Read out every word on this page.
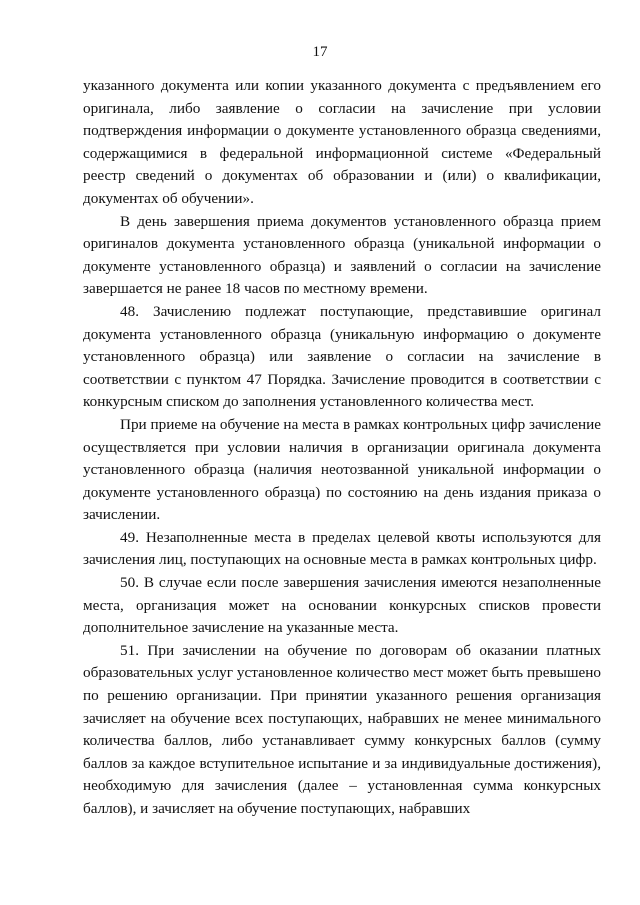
17

указанного документа или копии указанного документа с предъявлением его оригинала, либо заявление о согласии на зачисление при условии подтверждения информации о документе установленного образца сведениями, содержащимися в федеральной информационной системе «Федеральный реестр сведений о документах об образовании и (или) о квалификации, документах об обучении».

В день завершения приема документов установленного образца прием оригиналов документа установленного образца (уникальной информации о документе установленного образца) и заявлений о согласии на зачисление завершается не ранее 18 часов по местному времени.

48. Зачислению подлежат поступающие, представившие оригинал документа установленного образца (уникальную информацию о документе установленного образца) или заявление о согласии на зачисление в соответствии с пунктом 47 Порядка. Зачисление проводится в соответствии с конкурсным списком до заполнения установленного количества мест.

При приеме на обучение на места в рамках контрольных цифр зачисление осуществляется при условии наличия в организации оригинала документа установленного образца (наличия неотозванной уникальной информации о документе установленного образца) по состоянию на день издания приказа о зачислении.

49. Незаполненные места в пределах целевой квоты используются для зачисления лиц, поступающих на основные места в рамках контрольных цифр.

50. В случае если после завершения зачисления имеются незаполненные места, организация может на основании конкурсных списков провести дополнительное зачисление на указанные места.

51. При зачислении на обучение по договорам об оказании платных образовательных услуг установленное количество мест может быть превышено по решению организации. При принятии указанного решения организация зачисляет на обучение всех поступающих, набравших не менее минимального количества баллов, либо устанавливает сумму конкурсных баллов (сумму баллов за каждое вступительное испытание и за индивидуальные достижения), необходимую для зачисления (далее – установленная сумма конкурсных баллов), и зачисляет на обучение поступающих, набравших
